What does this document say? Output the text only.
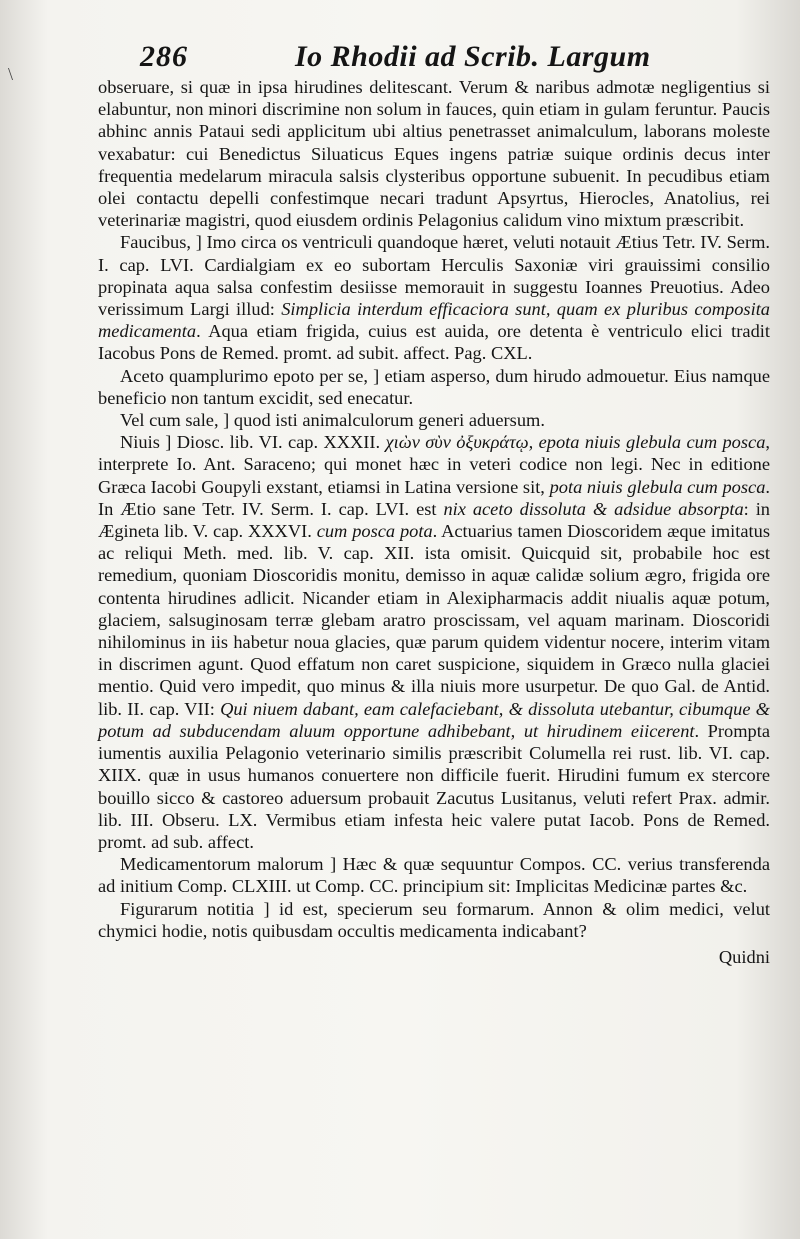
\
286	Io Rhodii ad Scrib. Largum

obseruare, si quæ in ipsa hirudines delitescant. Verum & naribus admotæ negligentius si elabuntur, non minori discrimine non solum in fauces, quin etiam in gulam feruntur. Paucis abhinc annis Pataui sedi applicitum ubi altius penetrasset animalculum, laborans moleste vexabatur: cui Benedictus Siluaticus Eques ingens patriæ suique ordinis decus inter frequentia medelarum miracula salsis clysteribus opportune subuenit. In pecudibus etiam olei contactu depelli confestimque necari tradunt Apsyrtus, Hierocles, Anatolius, rei veterinariæ magistri, quod eiusdem ordinis Pelagonius calidum vino mixtum præscribit.

Faucibus, ] Imo circa os ventriculi quandoque hæret, veluti notauit Ætius Tetr. IV. Serm. I. cap. LVI. Cardialgiam ex eo subortam Herculis Saxoniæ viri grauissimi consilio propinata aqua salsa confestim desiisse memorauit in suggestu Ioannes Preuotius. Adeo verissimum Largi illud: Simplicia interdum efficaciora sunt, quam ex pluribus composita medicamenta. Aqua etiam frigida, cuius est auida, ore detenta è ventriculo elici tradit Iacobus Pons de Remed. promt. ad subit. affect. Pag. CXL.

Aceto quamplurimo epoto per se, ] etiam asperso, dum hirudo admouetur. Eius namque beneficio non tantum excidit, sed enecatur.

Vel cum sale, ] quod isti animalculorum generi aduersum.

Niuis ] Diosc. lib. VI. cap. XXXII. χιὼν σὺν ὀξυκράτῳ, epota niuis glebula cum posca, interprete Io. Ant. Saraceno; qui monet hæc in veteri codice non legi. Nec in editione Græca Iacobi Goupyli exstant, etiamsi in Latina versione sit, pota niuis glebula cum posca. In Ætio sane Tetr. IV. Serm. I. cap. LVI. est nix aceto dissoluta & adsidue absorpta: in Ægineta lib. V. cap. XXXVI. cum posca pota. Actuarius tamen Dioscoridem æque imitatus ac reliqui Meth. med. lib. V. cap. XII. ista omisit. Quicquid sit, probabile hoc est remedium, quoniam Dioscoridis monitu, demisso in aquæ calidæ solium ægro, frigida ore contenta hirudines adlicit. Nicander etiam in Alexipharmacis addit niualis aquæ potum, glaciem, salsuginosam terræ glebam aratro proscissam, vel aquam marinam. Dioscoridi nihilominus in iis habetur noua glacies, quæ parum quidem videntur nocere, interim vitam in discrimen agunt. Quod effatum non caret suspicione, siquidem in Græco nulla glaciei mentio. Quid vero impedit, quo minus & illa niuis more usurpetur. De quo Gal. de Antid. lib. II. cap. VII: Qui niuem dabant, eam calefaciebant, & dissoluta utebantur, cibumque & potum ad subducendam aluum opportune adhibebant, ut hirudinem eiicerent. Prompta iumentis auxilia Pelagonio veterinario similis præscribit Columella rei rust. lib. VI. cap. XIIX. quæ in usus humanos conuertere non difficile fuerit. Hirudini fumum ex stercore bouillo sicco & castoreo aduersum probauit Zacutus Lusitanus, veluti refert Prax. admir. lib. III. Obseru. LX. Vermibus etiam infesta heic valere putat Iacob. Pons de Remed. promt. ad sub. affect.

Medicamentorum malorum ] Hæc & quæ sequuntur Compos. CC. verius transferenda ad initium Comp. CLXIII. ut Comp. CC. principium sit: Implicitas Medicinæ partes &c.

Figurarum notitia ] id est, specierum seu formarum. Annon & olim medici, velut chymici hodie, notis quibusdam occultis medicamenta indicabant?

Quidni
